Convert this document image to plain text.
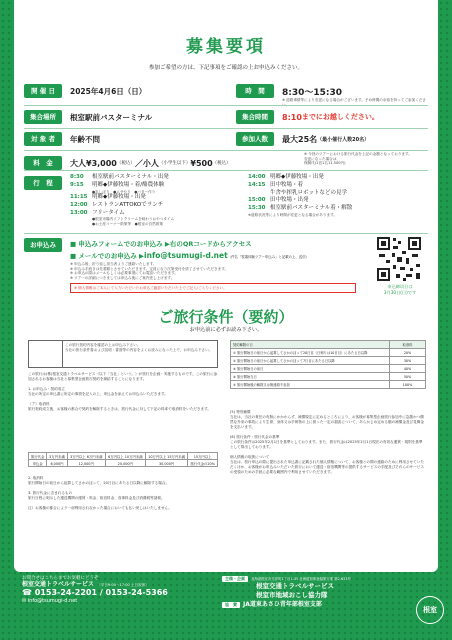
募集要項
参加ご希望の方は、下記事項をご確認の上お申込みください。
開 催 日	2025年4月6日（日）	時　間	8:30～15:30
※ 道路事情等により変更になる場合がございます。予め時間の余裕を持ってご参加ください。
集合場所	根室駅前バスターミナル	集合時間	8:10 までにお越しください。
対 象 者	年齢不問	参加人数	最大25名 （最小催行人数20名）
料　金	大人¥3,000 （税込） ／小人 （小学生以下） ¥500 （税込）
※ 今回のツアーにおける旅行代金を上記の金額となっております。
変更になった場合は、
保険代(1泊1名11,500円)
行　程
8:30 根室駅前バスターミナル・出発
9:15 明郷◆伊藤牧場・着/酪農体験
●乳しぼり　●エサやり　●バター作り
11:15 明郷◆伊藤牧場・出発
12:00 レストランATTOKOでランチ
13:00 フリータイム
●根室市場内ソフトクリームを味わうおやつタイム
●お土産コーナー散策等　●根室の自然散策
14:00 明郷◆伊藤牧場・出発
14:15 田中牧場・着
牛舎や搾乳ロボットなどの見学
15:00 田中牧場・出発
15:30 根室駅前バスターミナル着・解散
※道路状況等により時間が変更となる場合があります。
お申込み	■ 申込みフォームでのお申込み ▶右のQRコードからアクセス
■ メールでのお申込み ▶ info@tsumugi-d.net （件名「牧場体験ツアー申込み」と記載の上、送信）
※ 申込み後、折り返し担当者よりご連絡いたします。
※ 申込み手続きは先着順とさせていただきます。定員になり次第受付を終了させていただきます。
※ お申込の際はメールもしくは必要事項にてお電話いただきます。
※ ツアーの詳細につきましては申込み後にご案内差し上げます。
※ 個人情報はご本人にて入力いただいたお申込ご確認いただいた上でご記入/ご入力ください。	申込締切日は
3月30日(日)です
ご旅行条件（要約）
お申込前に必ずお読み下さい。
この旅行契約内容を確認の上お申込み下さい。
当社の旅行条件書および説明・書面等の内容をよくお読みになった上で、お申込み下さい。
この旅行は(株)根室交通トラベルサービス（以下「当社」という。）が旅行を企画・実施するものです。この旅行に参加されるお客様は当社と募集型企画旅行契約を締結することになります。

1. お申込み・契約成立
当社の所定の申込書に所定の事項を記入の上、申込金を添えてお申込みいただきます。

（ア）取消料
旅行契約成立後、お客様の都合で契約を解除するときは、旅行代金に対して下記の料率で取消料をいただきます。
旅行代金	3万円未満	3万円以上 6万円未満	6万円以上 10万円未満	10万円以上 15万円未満	15万円以上
申込金	6,000円	12,000円	20,000円	30,000円	旅行代金の20%
2. 取消料
旅行開始日の前日から起算してさかのぼって、20日目にあたる日以降に解除する場合。

3. 旅行代金に含まれるもの
旅行日程に明示した運送機関の運賃・料金、宿泊料金、食事料金及び消費税等諸税。

注）お客様の都合により一部利用されなかった場合においても払い戻しはいたしません。
契約解除の日	取消料
① 旅行開始日の前日から起算してさかのぼって20日目（日帰りは10日目）にあたる日以降	20%
② 旅行開始日の前日から起算してさかのぼって7日目にあたる日以降	30%
③ 旅行開始日の前日	40%
④ 旅行開始当日	50%
⑤ 旅行開始後の解除又は無連絡不参加	100%
(5) 特別補償
当社は、当社の責任の有無にかかわらず、補償規定に定めるところにより、お客様が募集型企画旅行参加中に急激かつ偶然な外来の事故により生命、身体又は手荷物の上に被った一定の損害について、あらかじめ定める額の補償金及び見舞金を支払います。

(6) 旅行条件・旅行代金の基準
この旅行条件は2025年2月1日を基準としております。また、旅行代金は2025年2月1日現在の有効な運賃・規則を基準として算出しております。

個人情報の取扱について
当社は、旅行申込の際に提出された申込書に記載された個人情報について、お客様との間の連絡のために利用させていただくほか、お客様がお申込みいただいた旅行において運送・宿泊機関等の提供するサービスの手配及びそれらのサービスの受領のための手続に必要な範囲内で利用させていただきます。
お問合せはこちらまでお気軽にどうぞ
根室交通トラベルサービス （平日9:00～17:00 土日祝休）
☎ 0153-24-2201 / 0153-24-5366
✉ info@tsumugi-d.net
主催・企画	北海道根室市光洋町1丁目1-35 北海道知事登録旅行業 第2-633号
根室交通トラベルサービス
根室市地域おこし協力隊
協　賛	JA道東あさひ青年部根室支部
根室
